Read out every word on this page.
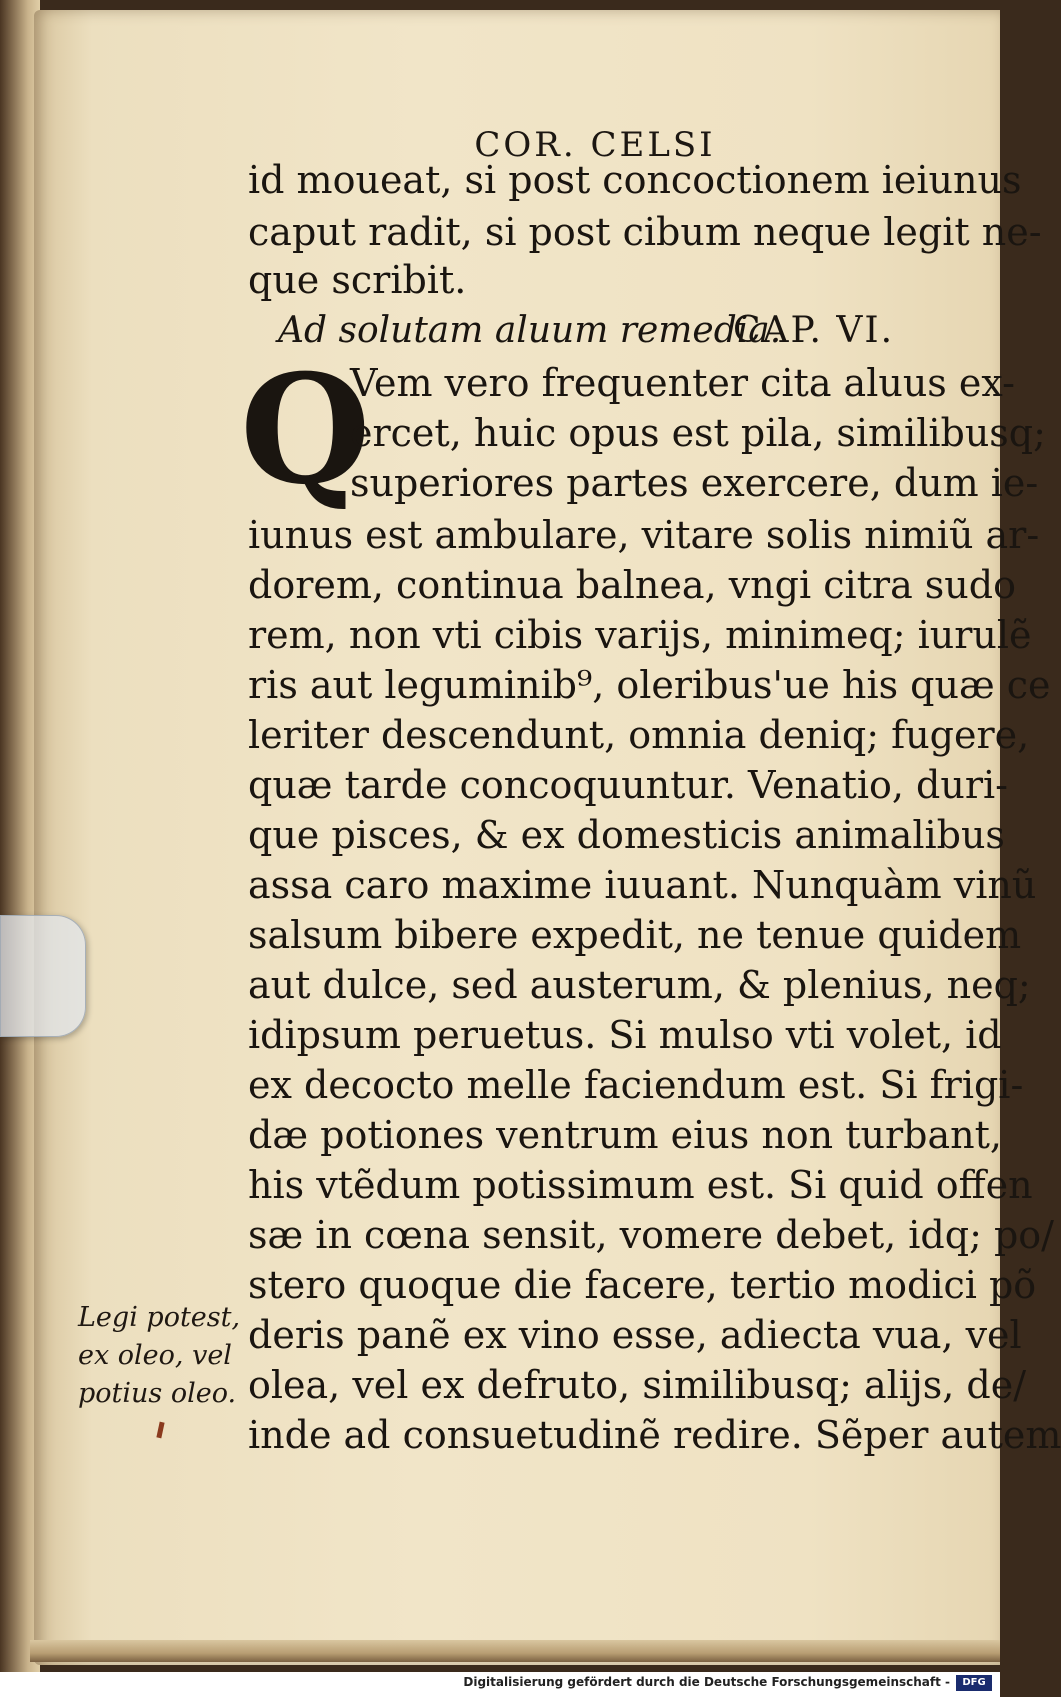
COR. CELSI
id moueat, si post concoctionem ieiunus
caput radit, si post cibum neque legit ne-
que scribit.
Ad solutam aluum remedia.
CAP. VI.
Q
Vem vero frequenter cita aluus ex-
ercet, huic opus est pila, similibusq;
superiores partes exercere, dum ie-
iunus est ambulare, vitare solis nimiũ ar-
dorem, continua balnea, vngi citra sudo
rem, non vti cibis varijs, minimeq; iurulẽ
ris aut leguminib⁹, oleribus'ue his quæ ce
leriter descendunt, omnia deniq; fugere,
quæ tarde concoquuntur. Venatio, duri-
que pisces, & ex domesticis animalibus
assa caro maxime iuuant. Nunquàm vinũ
salsum bibere expedit, ne tenue quidem
aut dulce, sed austerum, & plenius, neq;
idipsum peruetus. Si mulso vti volet, id
ex decocto melle faciendum est. Si frigi-
dæ potiones ventrum eius non turbant,
his vtẽdum potissimum est. Si quid offen
sæ in cœna sensit, vomere debet, idq; po/
stero quoque die facere, tertio modici põ
deris panẽ ex vino esse, adiecta vua, vel
olea, vel ex defruto, similibusq; alijs, de/
inde ad consuetudinẽ redire. Sẽper autem
Legi potest,
ex oleo, vel
potius oleo.
Digitalisierung gefördert durch die Deutsche Forschungsgemeinschaft -	DFG
